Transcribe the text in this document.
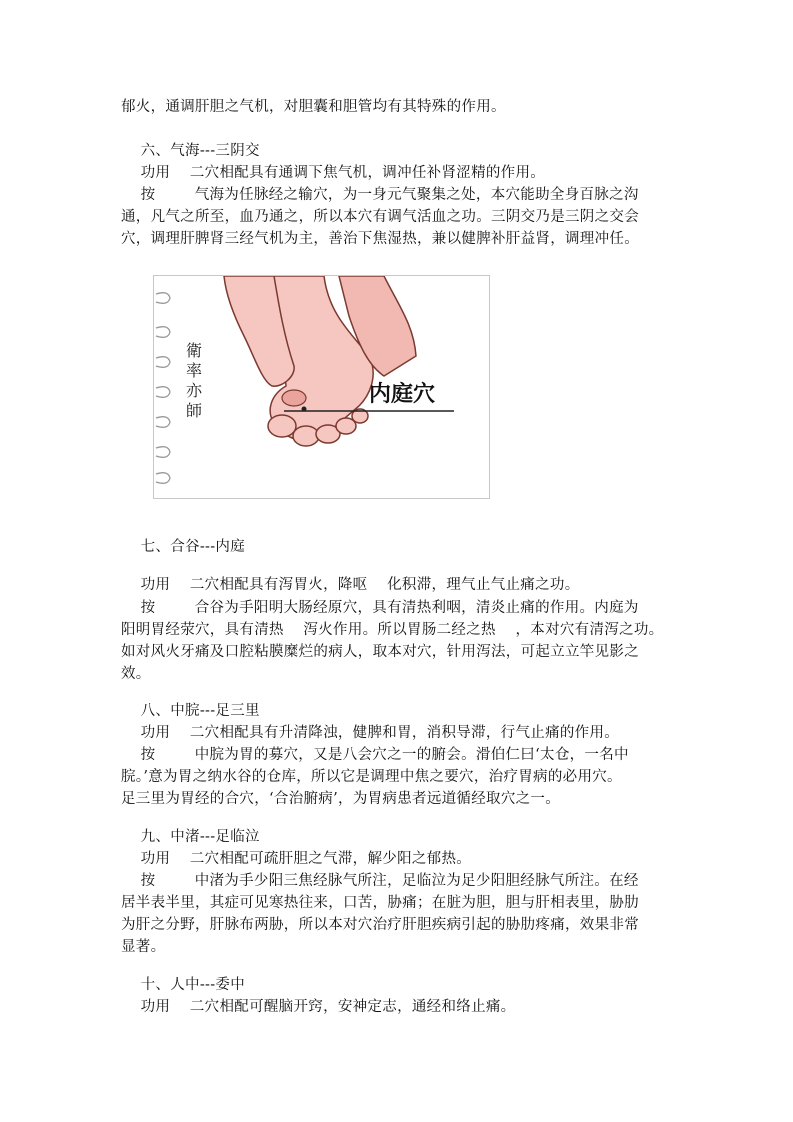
郁火，通调肝胆之气机，对胆囊和胆管均有其特殊的作用。
六、气海---三阴交
功用    二穴相配具有通调下焦气机，调冲任补肾涩精的作用。
按        气海为任脉经之输穴，为一身元气聚集之处，本穴能助全身百脉之沟
通，凡气之所至，血乃通之，所以本穴有调气活血之功。三阴交乃是三阴之交会
穴，调理肝脾肾三经气机为主，善治下焦湿热，兼以健脾补肝益肾，调理冲任。
内庭穴
衛
率
亦
師
七、合谷---内庭
功用    二穴相配具有泻胃火，降呕    化积滞，理气止气止痛之功。
按        合谷为手阳明大肠经原穴，具有清热利咽，清炎止痛的作用。内庭为
阳明胃经荥穴，具有清热    泻火作用。所以胃肠二经之热    ，本对穴有清泻之功。
如对风火牙痛及口腔粘膜糜烂的病人，取本对穴，针用泻法，可起立立竿见影之
效。
八、中脘---足三里
功用    二穴相配具有升清降浊，健脾和胃，消积导滞，行气止痛的作用。
按        中脘为胃的募穴，又是八会穴之一的腑会。滑伯仁曰‘太仓，一名中
脘。’意为胃之纳水谷的仓库，所以它是调理中焦之要穴，治疗胃病的必用穴。
足三里为胃经的合穴，‘合治腑病’，为胃病患者远道循经取穴之一。
九、中渚---足临泣
功用    二穴相配可疏肝胆之气滞，解少阳之郁热。
按        中渚为手少阳三焦经脉气所注，足临泣为足少阳胆经脉气所注。在经
居半表半里，其症可见寒热往来，口苦，胁痛；在脏为胆，胆与肝相表里，胁肋
为肝之分野，肝脉布两胁，所以本对穴治疗肝胆疾病引起的胁肋疼痛，效果非常
显著。
十、人中---委中
功用    二穴相配可醒脑开窍，安神定志，通经和络止痛。
